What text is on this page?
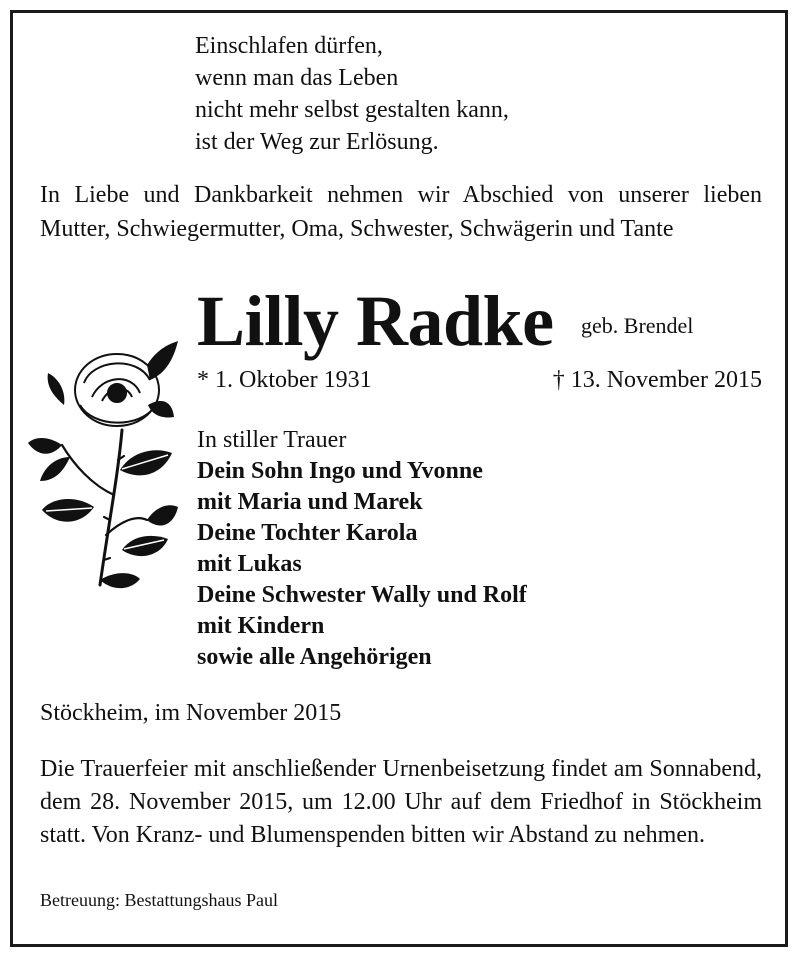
Einschlafen dürfen,
wenn man das Leben
nicht mehr selbst gestalten kann,
ist der Weg zur Erlösung.
In Liebe und Dankbarkeit nehmen wir Abschied von unserer lieben Mutter, Schwiegermutter, Oma, Schwester, Schwägerin und Tante
Lilly Radke geb. Brendel
* 1. Oktober 1931	† 13. November 2015
In stiller Trauer
Dein Sohn Ingo und Yvonne
mit Maria und Marek
Deine Tochter Karola
mit Lukas
Deine Schwester Wally und Rolf
mit Kindern
sowie alle Angehörigen
Stöckheim, im November 2015
Die Trauerfeier mit anschließender Urnenbeisetzung findet am Sonnabend, dem 28. November 2015, um 12.00 Uhr auf dem Friedhof in Stöckheim statt. Von Kranz- und Blumenspenden bitten wir Abstand zu nehmen.
Betreuung: Bestattungshaus Paul
